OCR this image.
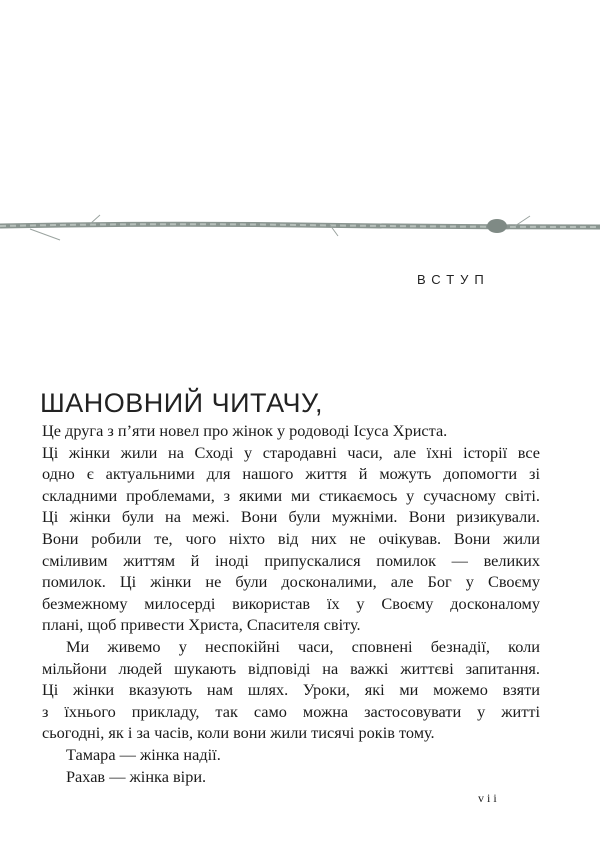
ВСТУП
ШАНОВНИЙ ЧИТАЧУ,
Це друга з п’яти новел про жінок у родоводі Ісуса Христа.
Ці жінки жили на Сході у стародавні часи, але їхні історії все
одно є актуальними для нашого життя й можуть допомогти зі
складними проблемами, з якими ми стикаємось у сучасному світі.
Ці жінки були на межі. Вони були мужніми. Вони ризикували.
Вони робили те, чого ніхто від них не очікував. Вони жили
сміливим життям й іноді припускалися помилок — великих
помилок. Ці жінки не були досконалими, але Бог у Своєму
безмежному милосерді використав їх у Своєму досконалому
плані, щоб привести Христа, Спасителя світу.
Ми живемо у неспокійні часи, сповнені безнадії, коли
мільйони людей шукають відповіді на важкі життєві запитання.
Ці жінки вказують нам шлях. Уроки, які ми можемо взяти
з їхнього прикладу, так само можна застосовувати у житті
сьогодні, як і за часів, коли вони жили тисячі років тому.
Тамара — жінка надії.
Рахав — жінка віри.
vii
